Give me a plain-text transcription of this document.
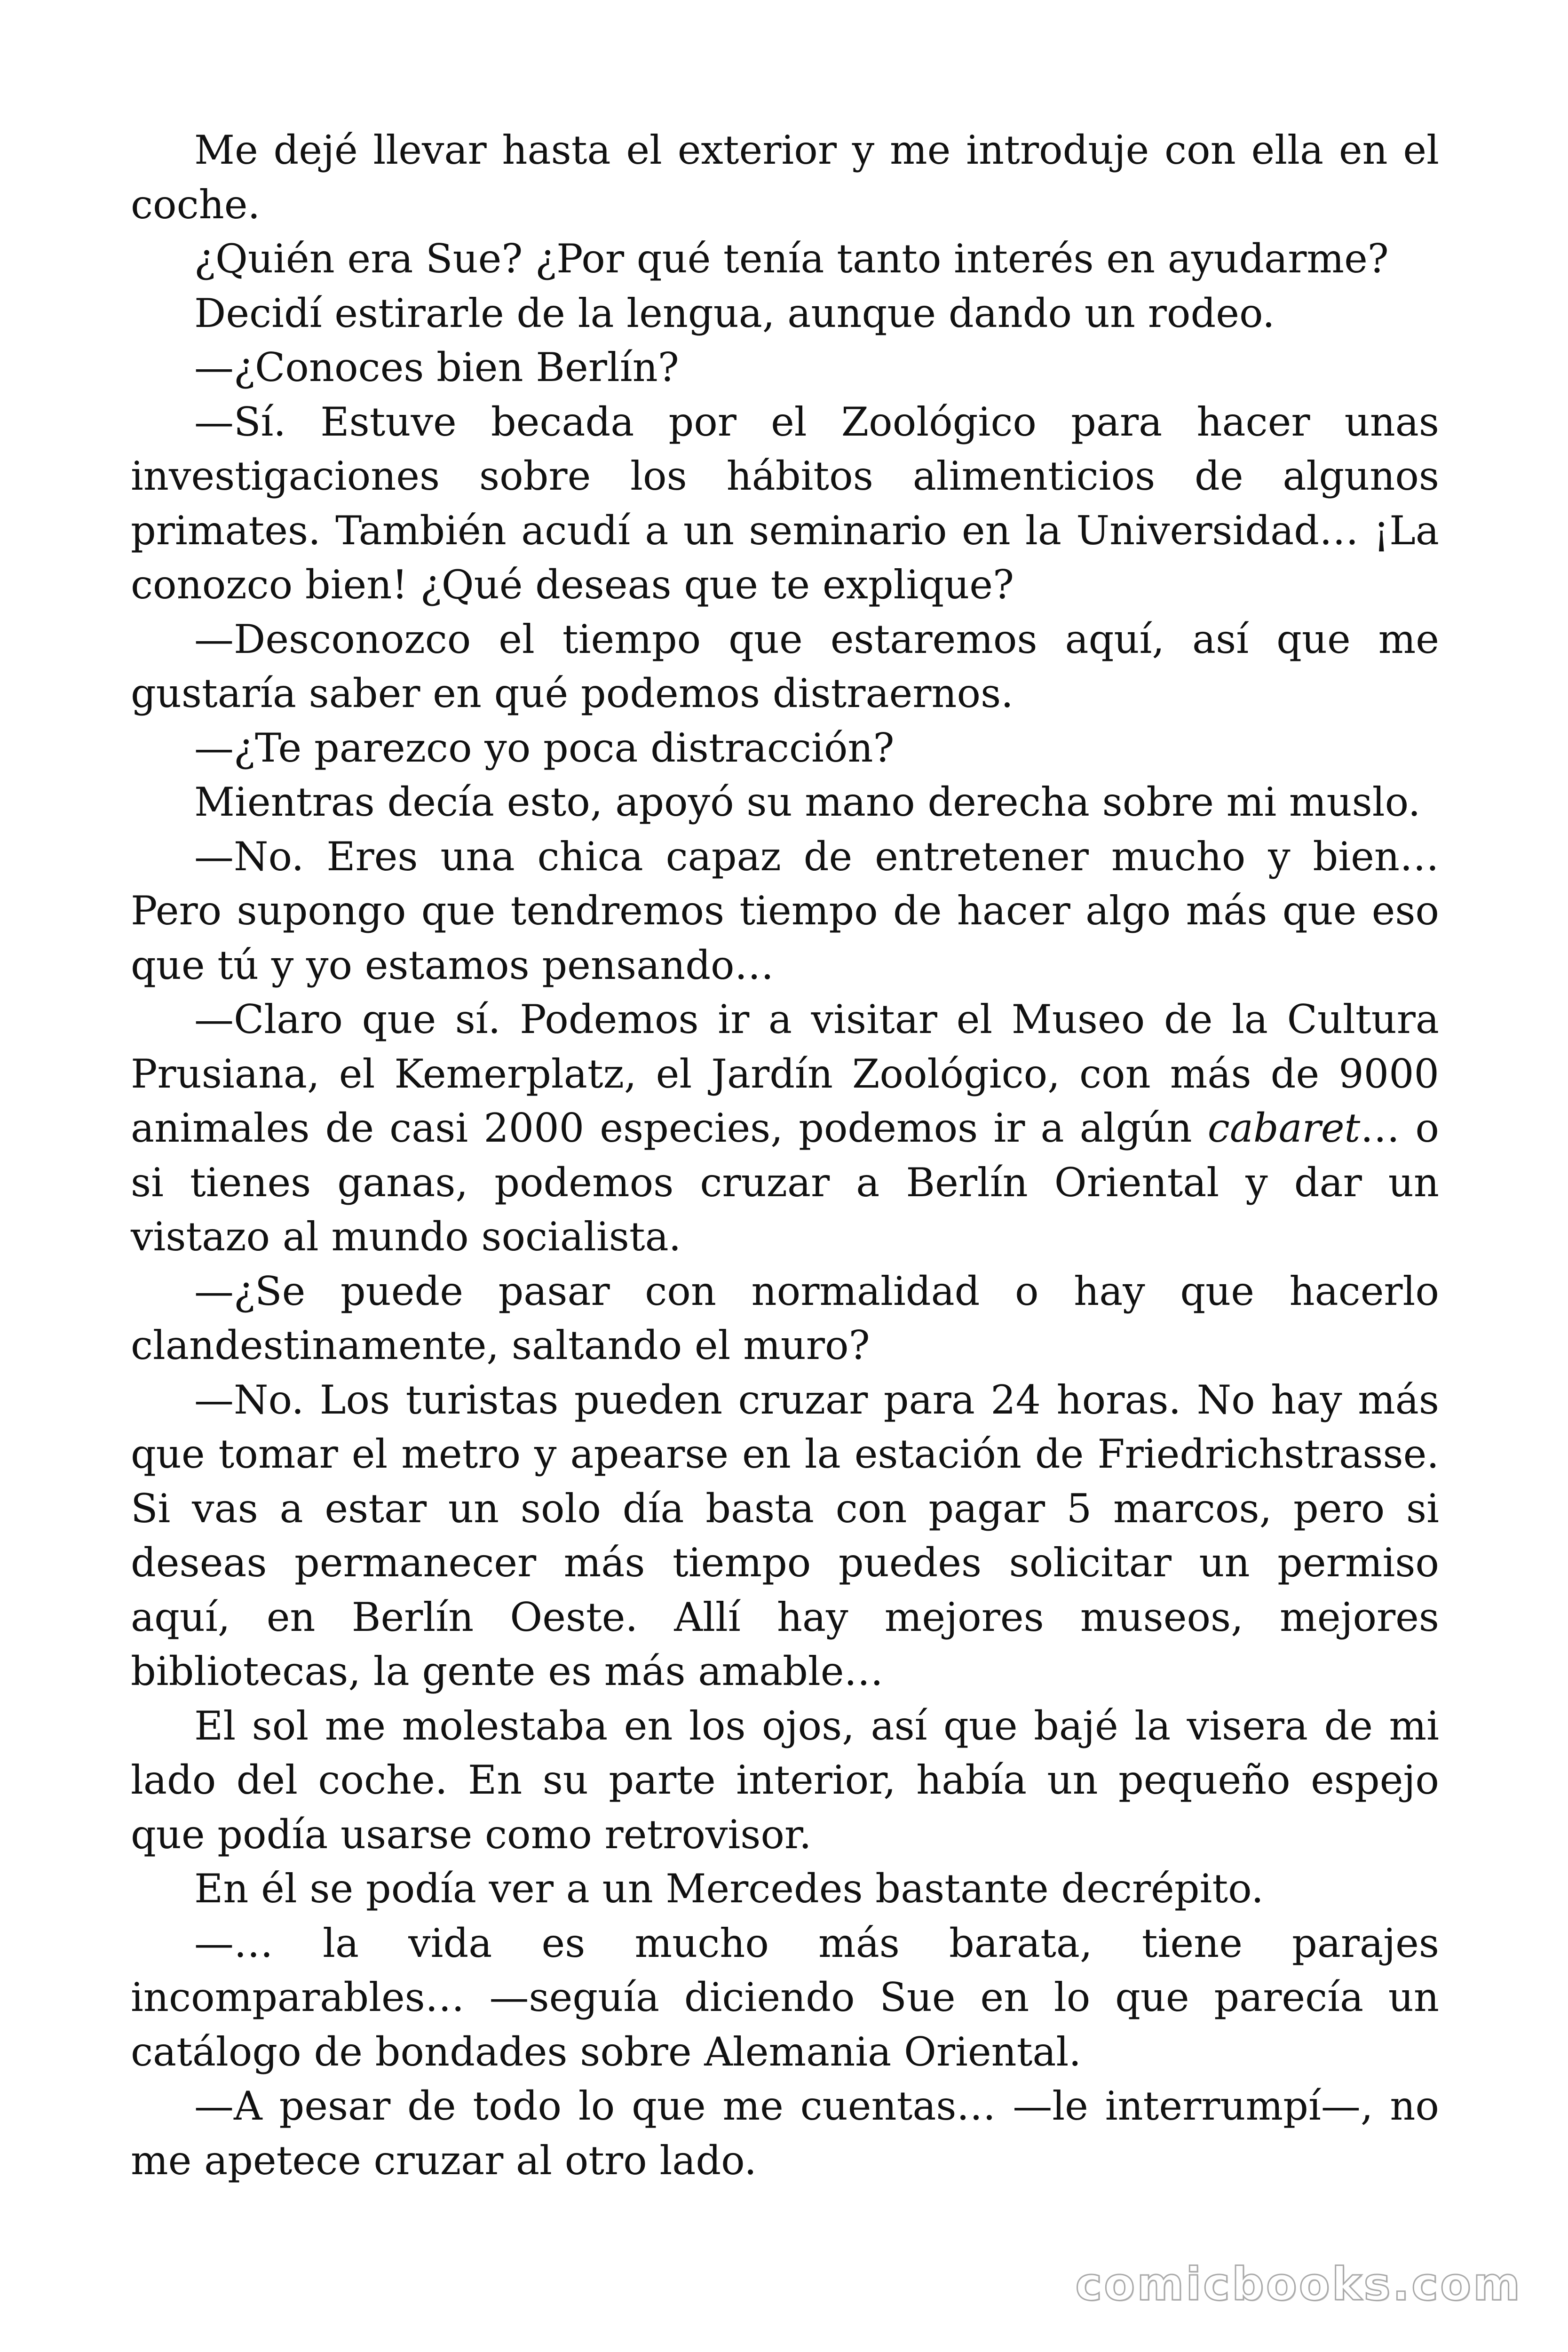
Me dejé llevar hasta el exterior y me introduje con ella en el coche.

¿Quién era Sue? ¿Por qué tenía tanto interés en ayudarme?

Decidí estirarle de la lengua, aunque dando un rodeo.

—¿Conoces bien Berlín?

—Sí. Estuve becada por el Zoológico para hacer unas investigaciones sobre los hábitos alimenticios de algunos primates. También acudí a un seminario en la Universidad… ¡La conozco bien! ¿Qué deseas que te explique?

—Desconozco el tiempo que estaremos aquí, así que me gustaría saber en qué podemos distraernos.

—¿Te parezco yo poca distracción?

Mientras decía esto, apoyó su mano derecha sobre mi muslo.

—No. Eres una chica capaz de entretener mucho y bien… Pero supongo que tendremos tiempo de hacer algo más que eso que tú y yo estamos pensando…

—Claro que sí. Podemos ir a visitar el Museo de la Cultura Prusiana, el Kemerplatz, el Jardín Zoológico, con más de 9000 animales de casi 2000 especies, podemos ir a algún cabaret… o si tienes ganas, podemos cruzar a Berlín Oriental y dar un vistazo al mundo socialista.

—¿Se puede pasar con normalidad o hay que hacerlo clandestinamente, saltando el muro?

—No. Los turistas pueden cruzar para 24 horas. No hay más que tomar el metro y apearse en la estación de Friedrichstrasse. Si vas a estar un solo día basta con pagar 5 marcos, pero si deseas permanecer más tiempo puedes solicitar un permiso aquí, en Berlín Oeste. Allí hay mejores museos, mejores bibliotecas, la gente es más amable…

El sol me molestaba en los ojos, así que bajé la visera de mi lado del coche. En su parte interior, había un pequeño espejo que podía usarse como retrovisor.

En él se podía ver a un Mercedes bastante decrépito.

—… la vida es mucho más barata, tiene parajes incomparables… —seguía diciendo Sue en lo que parecía un catálogo de bondades sobre Alemania Oriental.

—A pesar de todo lo que me cuentas… —le interrumpí—, no me apetece cruzar al otro lado.

comicbooks.com
